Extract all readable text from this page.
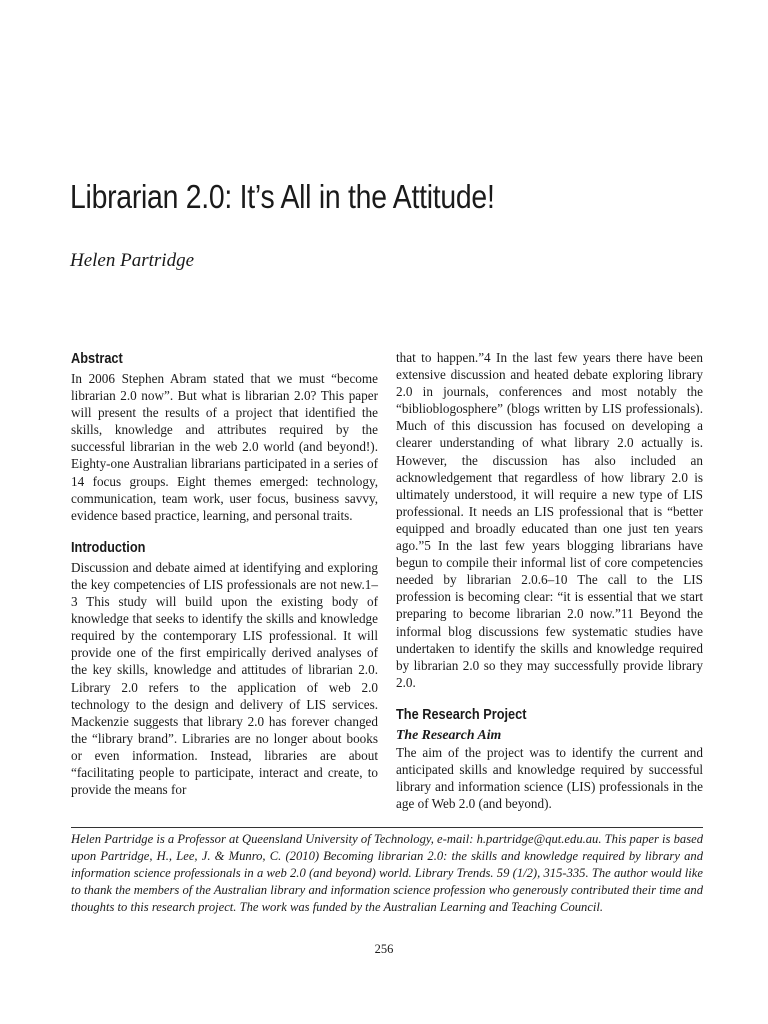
Librarian 2.0: It’s All in the Attitude!
Helen Partridge
Abstract

In 2006 Stephen Abram stated that we must “become librarian 2.0 now”. But what is librarian 2.0? This paper will present the results of a project that identified the skills, knowledge and attributes required by the successful librarian in the web 2.0 world (and beyond!). Eighty-one Australian librarians participated in a series of 14 focus groups. Eight themes emerged: technology, communication, team work, user focus, business savvy, evidence based practice, learning, and personal traits.

Introduction

Discussion and debate aimed at identifying and exploring the key competencies of LIS professionals are not new.1–3 This study will build upon the existing body of knowledge that seeks to identify the skills and knowledge required by the contemporary LIS professional. It will provide one of the first empirically derived analyses of the key skills, knowledge and attitudes of librarian 2.0. Library 2.0 refers to the application of web 2.0 technology to the design and delivery of LIS services. Mackenzie suggests that library 2.0 has forever changed the “library brand”. Libraries are no longer about books or even information. Instead, libraries are about “facilitating people to participate, interact and create, to provide the means for

that to happen.”4 In the last few years there have been extensive discussion and heated debate exploring library 2.0 in journals, conferences and most notably the “biblioblogosphere” (blogs written by LIS professionals). Much of this discussion has focused on developing a clearer understanding of what library 2.0 actually is. However, the discussion has also included an acknowledgement that regardless of how library 2.0 is ultimately understood, it will require a new type of LIS professional. It needs an LIS professional that is “better equipped and broadly educated than one just ten years ago.”5 In the last few years blogging librarians have begun to compile their informal list of core competencies needed by librarian 2.0.6–10 The call to the LIS profession is becoming clear: “it is essential that we start preparing to become librarian 2.0 now.”11 Beyond the informal blog discussions few systematic studies have undertaken to identify the skills and knowledge required by librarian 2.0 so they may successfully provide library 2.0.

The Research Project
The Research Aim

The aim of the project was to identify the current and anticipated skills and knowledge required by successful library and information science (LIS) professionals in the age of Web 2.0 (and beyond).

Helen Partridge is a Professor at Queensland University of Technology, e-mail: h.partridge@qut.edu.au. This paper is based upon Partridge, H., Lee, J. & Munro, C. (2010) Becoming librarian 2.0: the skills and knowledge required by library and information science professionals in a web 2.0 (and beyond) world. Library Trends. 59 (1/2), 315-335. The author would like to thank the members of the Australian library and information science profession who generously contributed their time and thoughts to this research project. The work was funded by the Australian Learning and Teaching Council.

256
